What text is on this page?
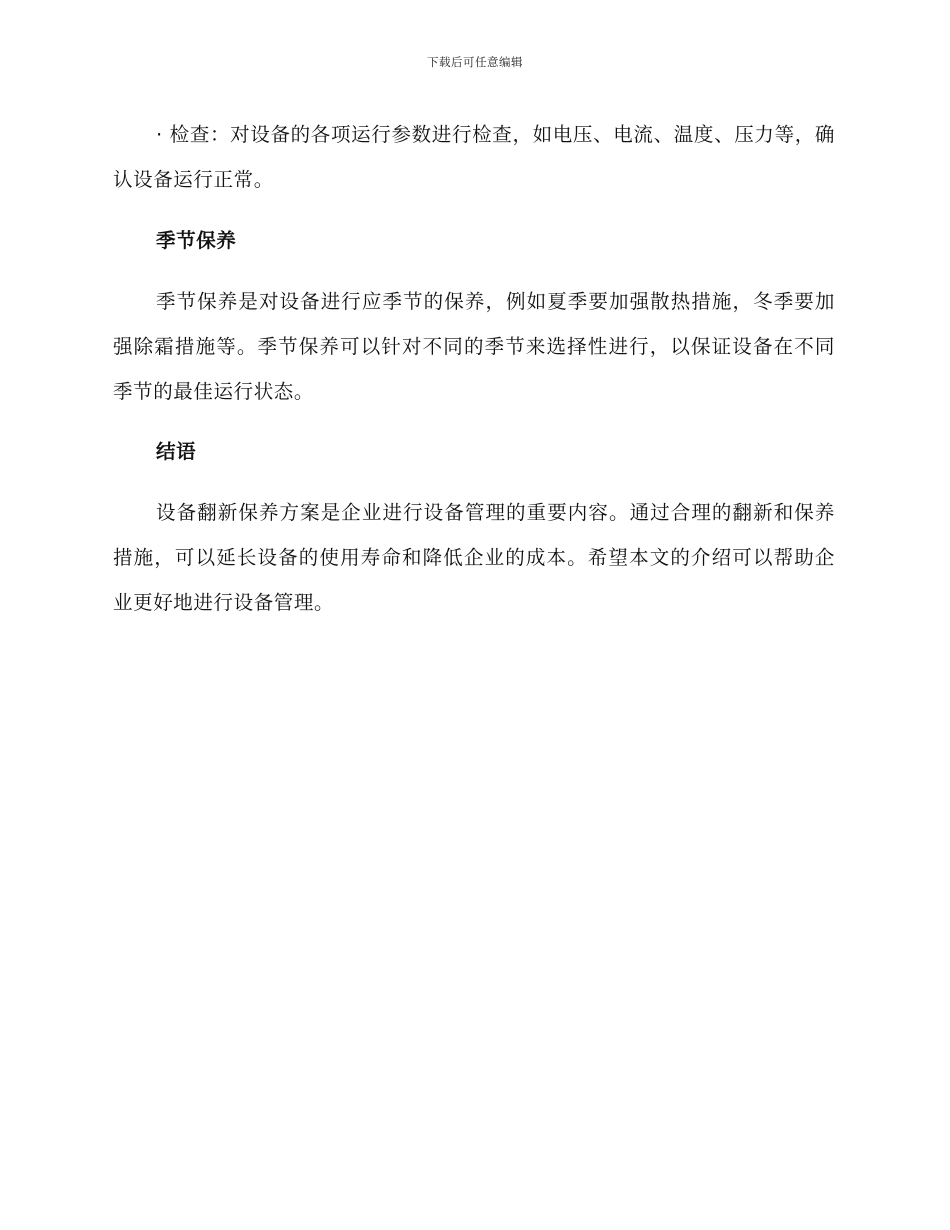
下载后可任意编辑

· 检查：对设备的各项运行参数进行检查，如电压、电流、温度、压力等，确认设备运行正常。

季节保养

季节保养是对设备进行应季节的保养，例如夏季要加强散热措施，冬季要加强除霜措施等。季节保养可以针对不同的季节来选择性进行，以保证设备在不同季节的最佳运行状态。

结语

设备翻新保养方案是企业进行设备管理的重要内容。通过合理的翻新和保养措施，可以延长设备的使用寿命和降低企业的成本。希望本文的介绍可以帮助企业更好地进行设备管理。
